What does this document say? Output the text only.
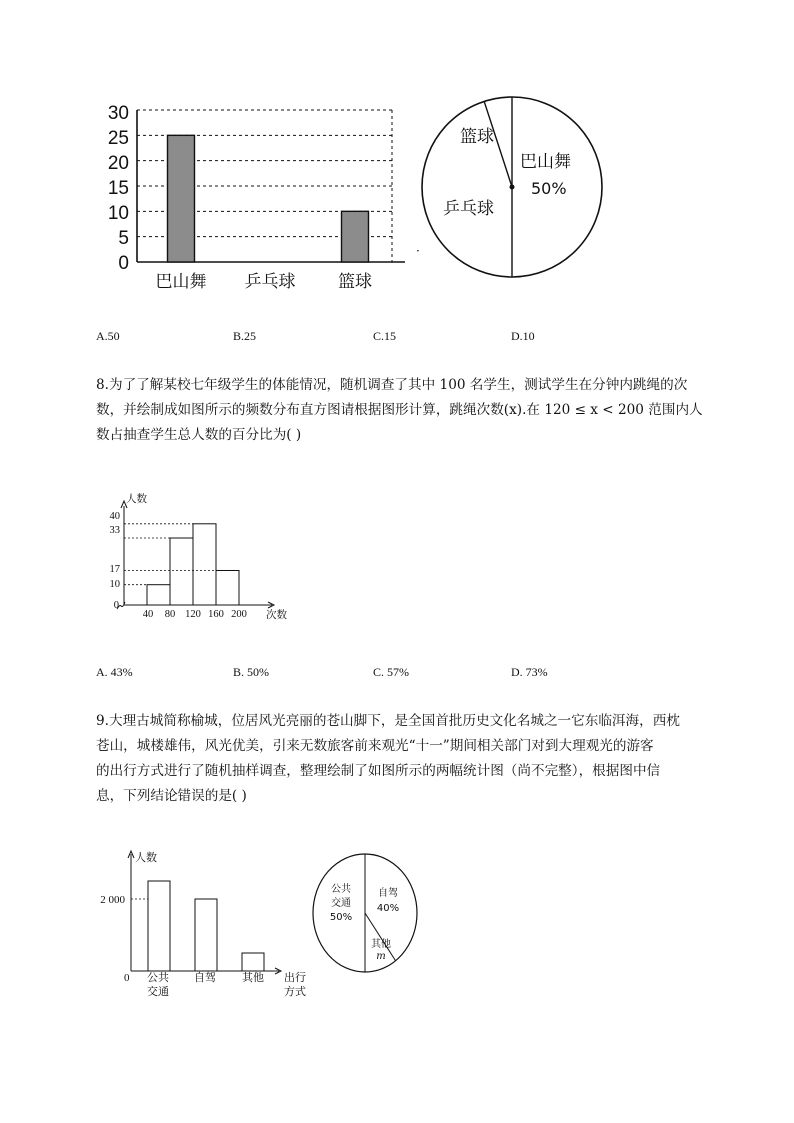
0
5
10
15
20
25
30
巴山舞 乒乓球	篮球
篮球
巴山舞
50%
乒乓球
·
A.50	B.25	C.15	D.10
8.为了了解某校七年级学生的体能情况，随机调查了其中 100 名学生，测试学生在分钟内跳绳的次
数，并绘制成如图所示的频数分布直方图请根据图形计算，跳绳次数(x).在 120 ≤ x < 200 范围内人
数占抽查学生总人数的百分比为( )
人数
次数
40
33
17
10
0
40 80 120 160 200
A. 43%	B. 50%	C. 57%	D. 73%
9.大理古城简称榆城，位居风光亮丽的苍山脚下，是全国首批历史文化名城之一它东临洱海，西枕
苍山，城楼雄伟，风光优美，引来无数旅客前来观光“十一”期间相关部门对到大理观光的游客
的出行方式进行了随机抽样调查，整理绘制了如图所示的两幅统计图（尚不完整），根据图中信
息，下列结论错误的是( )
人数
2 000
0 公共
交通
自驾 其他 出行
方式
公共
交通
50%
自驾
40%
其他
m
